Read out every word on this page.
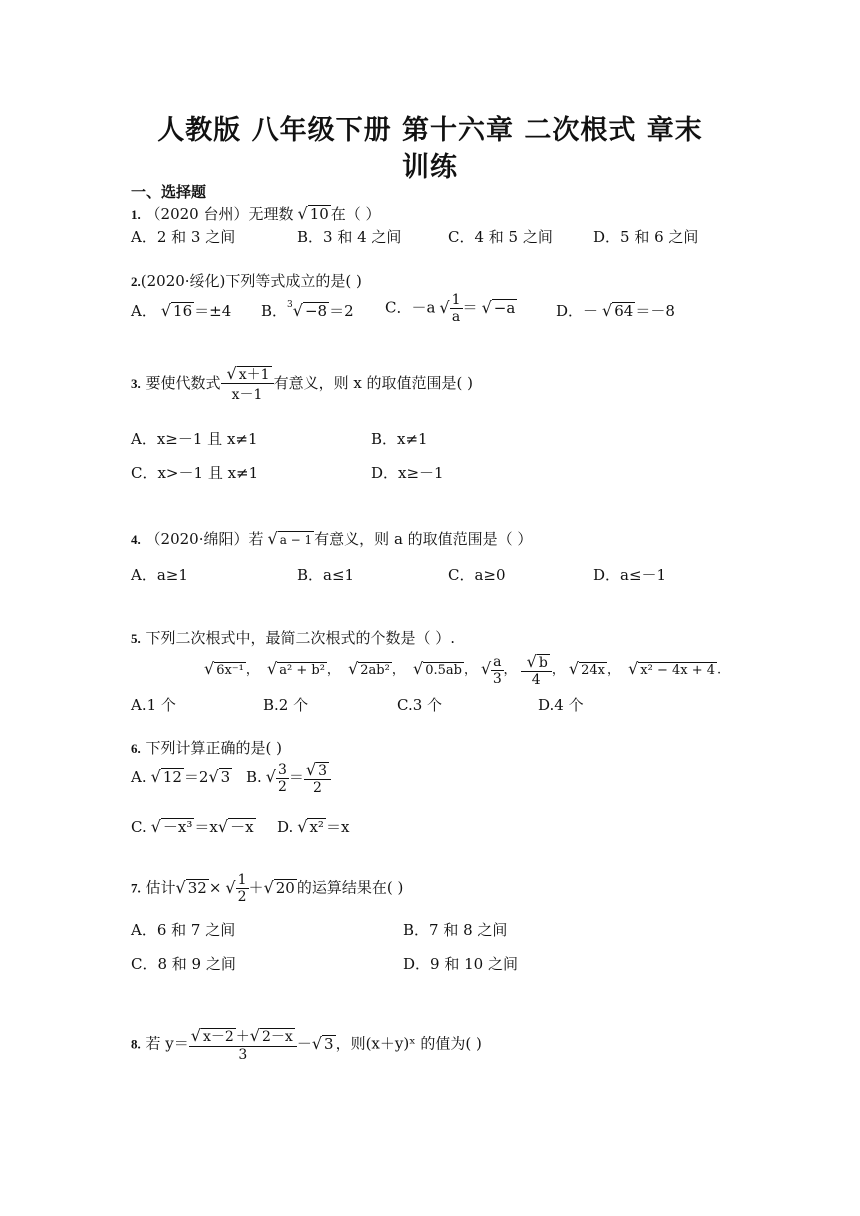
人教版 八年级下册 第十六章 二次根式 章末
训练
一、选择题
1. （2020 台州）无理数 √ 10 在（ ）
A．2 和 3 之间	B．3 和 4 之间	C．4 和 5 之间	D．5 和 6 之间
2.(2020·绥化)下列等式成立的是( )
A． √ 16 ＝±4 B．$^3$√ −8 ＝2 C．－a √ $\frac{1}{a}$ ＝ √ −a	D．－ √ 64 ＝－8
3. 要使代数式 $\frac{√ x+1}{x-1}$ 有意义，则 x 的取值范围是( )
A．x≥－1 且 x≠1	B．x≠1
C．x>－1 且 x≠1	D．x≥－1
4. （2020·绵阳）若 √ a − 1 有意义，则 a 的取值范围是（ ）
A．a≥1	B．a≤1	C．a≥0	D．a≤－1
5. 下列二次根式中，最简二次根式的个数是（ ）.
√ 6x⁻¹ ， √ a² + b² ， √ 2ab² ， √ 0.5ab ， √ $\frac{a}{3}$ ， $\frac{√ b}{4}$ ， √ 24x ， √ x² − 4x + 4 .
A.1 个	B.2 个	C.3 个	D.4 个
6. 下列计算正确的是( )
A. √ 12 ＝2√ 3 B. √ $\frac{3}{2} = \frac{√ 3}{2}$
C. √ －x³ ＝x√ －x D. √ x² ＝x
7. 估计√ 32 × √ $\frac{1}{2}$ ＋√ 20 的运算结果在( )
A．6 和 7 之间	B．7 和 8 之间
C．8 和 9 之间	D．9 和 10 之间
8. 若 $y= \frac{√ x-2 +√ 2-x}{3}$ －√ 3 ，则(x＋y)ˣ 的值为( )
